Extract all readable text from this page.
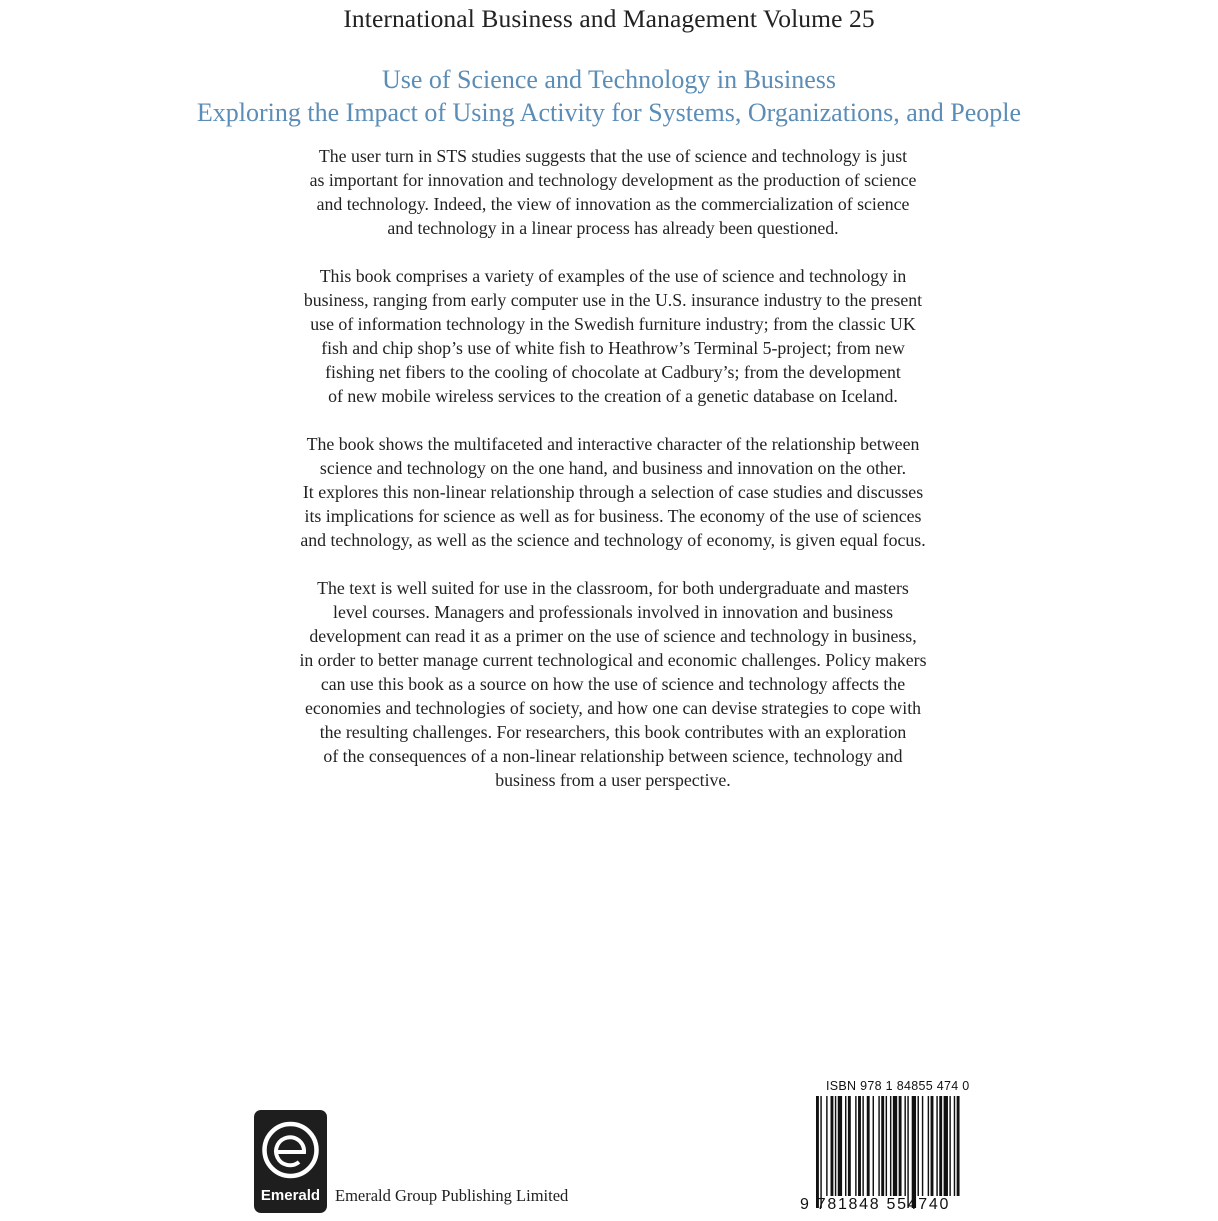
International Business and Management Volume 25
Use of Science and Technology in Business
Exploring the Impact of Using Activity for Systems, Organizations, and People

The user turn in STS studies suggests that the use of science and technology is just
as important for innovation and technology development as the production of science
and technology. Indeed, the view of innovation as the commercialization of science
and technology in a linear process has already been questioned.

This book comprises a variety of examples of the use of science and technology in
business, ranging from early computer use in the U.S. insurance industry to the present
use of information technology in the Swedish furniture industry; from the classic UK
fish and chip shop’s use of white fish to Heathrow’s Terminal 5-project; from new
fishing net fibers to the cooling of chocolate at Cadbury’s; from the development
of new mobile wireless services to the creation of a genetic database on Iceland.

The book shows the multifaceted and interactive character of the relationship between
science and technology on the one hand, and business and innovation on the other.
It explores this non-linear relationship through a selection of case studies and discusses
its implications for science as well as for business. The economy of the use of sciences
and technology, as well as the science and technology of economy, is given equal focus.

The text is well suited for use in the classroom, for both undergraduate and masters
level courses. Managers and professionals involved in innovation and business
development can read it as a primer on the use of science and technology in business,
in order to better manage current technological and economic challenges. Policy makers
can use this book as a source on how the use of science and technology affects the
economies and technologies of society, and how one can devise strategies to cope with
the resulting challenges. For researchers, this book contributes with an exploration
of the consequences of a non-linear relationship between science, technology and
business from a user perspective.

Emerald Emerald Group Publishing Limited
ISBN 978 1 84855 474 0
9 781848 554740
